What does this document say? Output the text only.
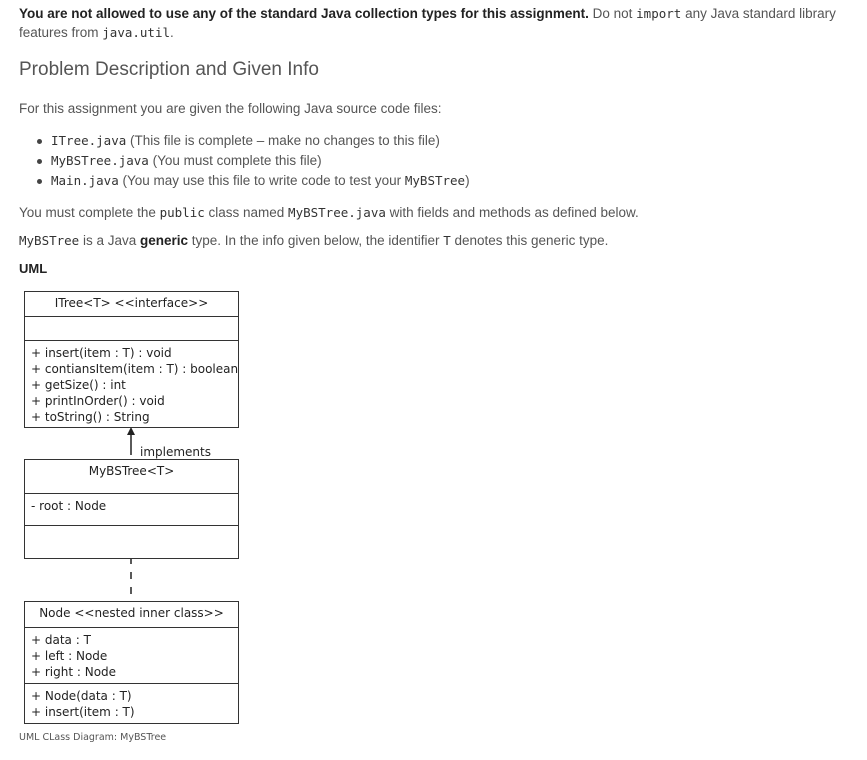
You are not allowed to use any of the standard Java collection types for this assignment. Do not import any Java standard library
features from java.util.
Problem Description and Given Info
For this assignment you are given the following Java source code files:
ITree.java (This file is complete – make no changes to this file)
MyBSTree.java (You must complete this file)
Main.java (You may use this file to write code to test your MyBSTree)
You must complete the public class named MyBSTree.java with fields and methods as defined below.
MyBSTree is a Java generic type. In the info given below, the identifier T denotes this generic type.
UML
implements
ITree<T> <<interface>>
+ insert(item : T) : void
+ contiansItem(item : T) : boolean
+ getSize() : int
+ printInOrder() : void
+ toString() : String
MyBSTree<T>
- root : Node
Node <<nested inner class>>
+ data : T
+ left : Node
+ right : Node
+ Node(data : T)
+ insert(item : T)
UML CLass Diagram: MyBSTree
